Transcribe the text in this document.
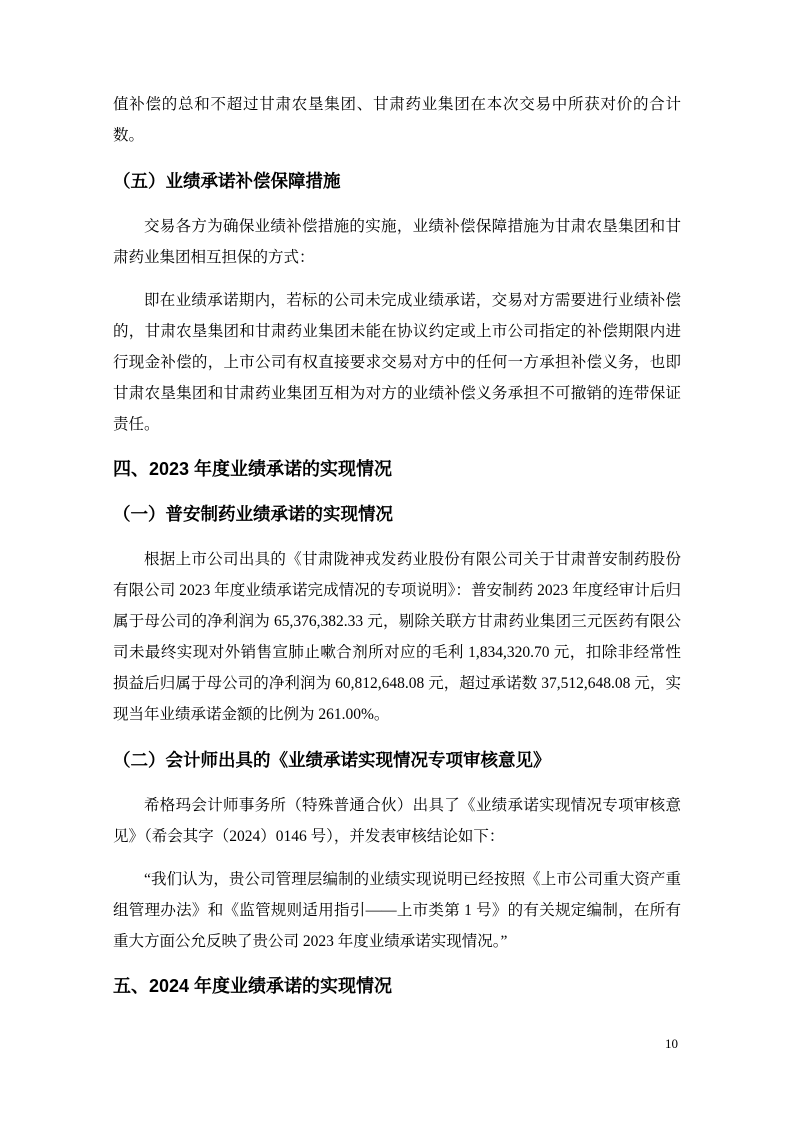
值补偿的总和不超过甘肃农垦集团、甘肃药业集团在本次交易中所获对价的合计数。

（五）业绩承诺补偿保障措施

交易各方为确保业绩补偿措施的实施，业绩补偿保障措施为甘肃农垦集团和甘肃药业集团相互担保的方式：

即在业绩承诺期内，若标的公司未完成业绩承诺，交易对方需要进行业绩补偿的，甘肃农垦集团和甘肃药业集团未能在协议约定或上市公司指定的补偿期限内进行现金补偿的，上市公司有权直接要求交易对方中的任何一方承担补偿义务，也即甘肃农垦集团和甘肃药业集团互相为对方的业绩补偿义务承担不可撤销的连带保证责任。

四、2023 年度业绩承诺的实现情况
（一）普安制药业绩承诺的实现情况

根据上市公司出具的《甘肃陇神戎发药业股份有限公司关于甘肃普安制药股份有限公司 2023 年度业绩承诺完成情况的专项说明》：普安制药 2023 年度经审计后归属于母公司的净利润为 65,376,382.33 元，剔除关联方甘肃药业集团三元医药有限公司未最终实现对外销售宣肺止嗽合剂所对应的毛利 1,834,320.70 元，扣除非经常性损益后归属于母公司的净利润为 60,812,648.08 元，超过承诺数 37,512,648.08 元，实现当年业绩承诺金额的比例为 261.00%。

（二）会计师出具的《业绩承诺实现情况专项审核意见》

希格玛会计师事务所（特殊普通合伙）出具了《业绩承诺实现情况专项审核意见》（希会其字（2024）0146 号），并发表审核结论如下：

“我们认为，贵公司管理层编制的业绩实现说明已经按照《上市公司重大资产重组管理办法》和《监管规则适用指引——上市类第 1 号》的有关规定编制，在所有重大方面公允反映了贵公司 2023 年度业绩承诺实现情况。”

五、2024 年度业绩承诺的实现情况
10
